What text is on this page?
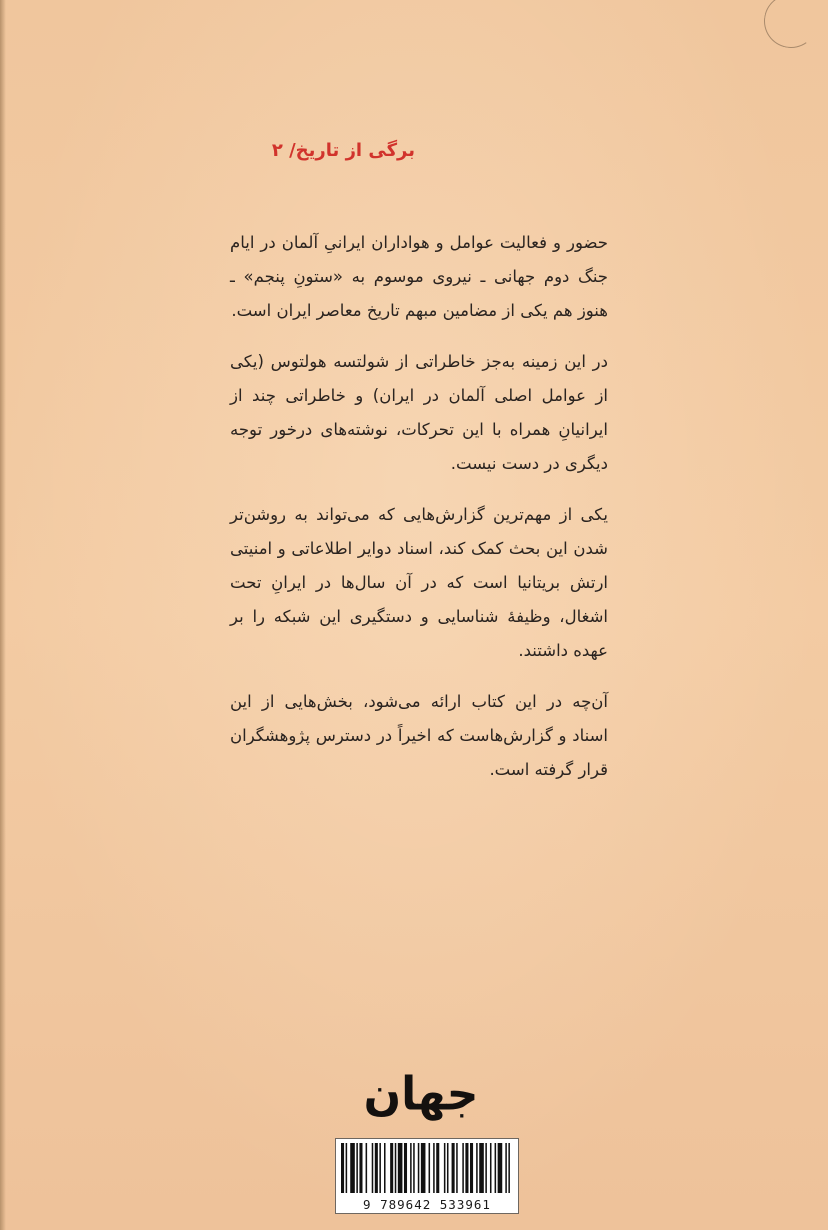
برگی از تاریخ/ ۲

حضور و فعالیت عوامل و هواداران ایرانیِ آلمان در ایام جنگ دوم جهانی ـ نیروی موسوم به «ستونِ پنجم» ـ هنوز هم یکی از مضامین مبهم تاریخ معاصر ایران است.

در این زمینه به‌جز خاطراتی از شولتسه هولتوس (یکی از عوامل اصلی آلمان در ایران) و خاطراتی چند از ایرانیانِ همراه با این تحرکات، نوشته‌های درخور توجه دیگری در دست نیست.

یکی از مهم‌ترین گزارش‌هایی که می‌تواند به روشن‌تر شدن این بحث کمک کند، اسناد دوایر اطلاعاتی و امنیتی ارتش بریتانیا است که در آن سال‌ها در ایرانِ تحت اشغال، وظیفهٔ شناسایی و دستگیری این شبکه را بر عهده داشتند.

آن‌چه در این کتاب ارائه می‌شود، بخش‌هایی از این اسناد و گزارش‌هاست که اخیراً در دسترس پژوهشگران قرار گرفته است.

جهان
9 789642 533961
